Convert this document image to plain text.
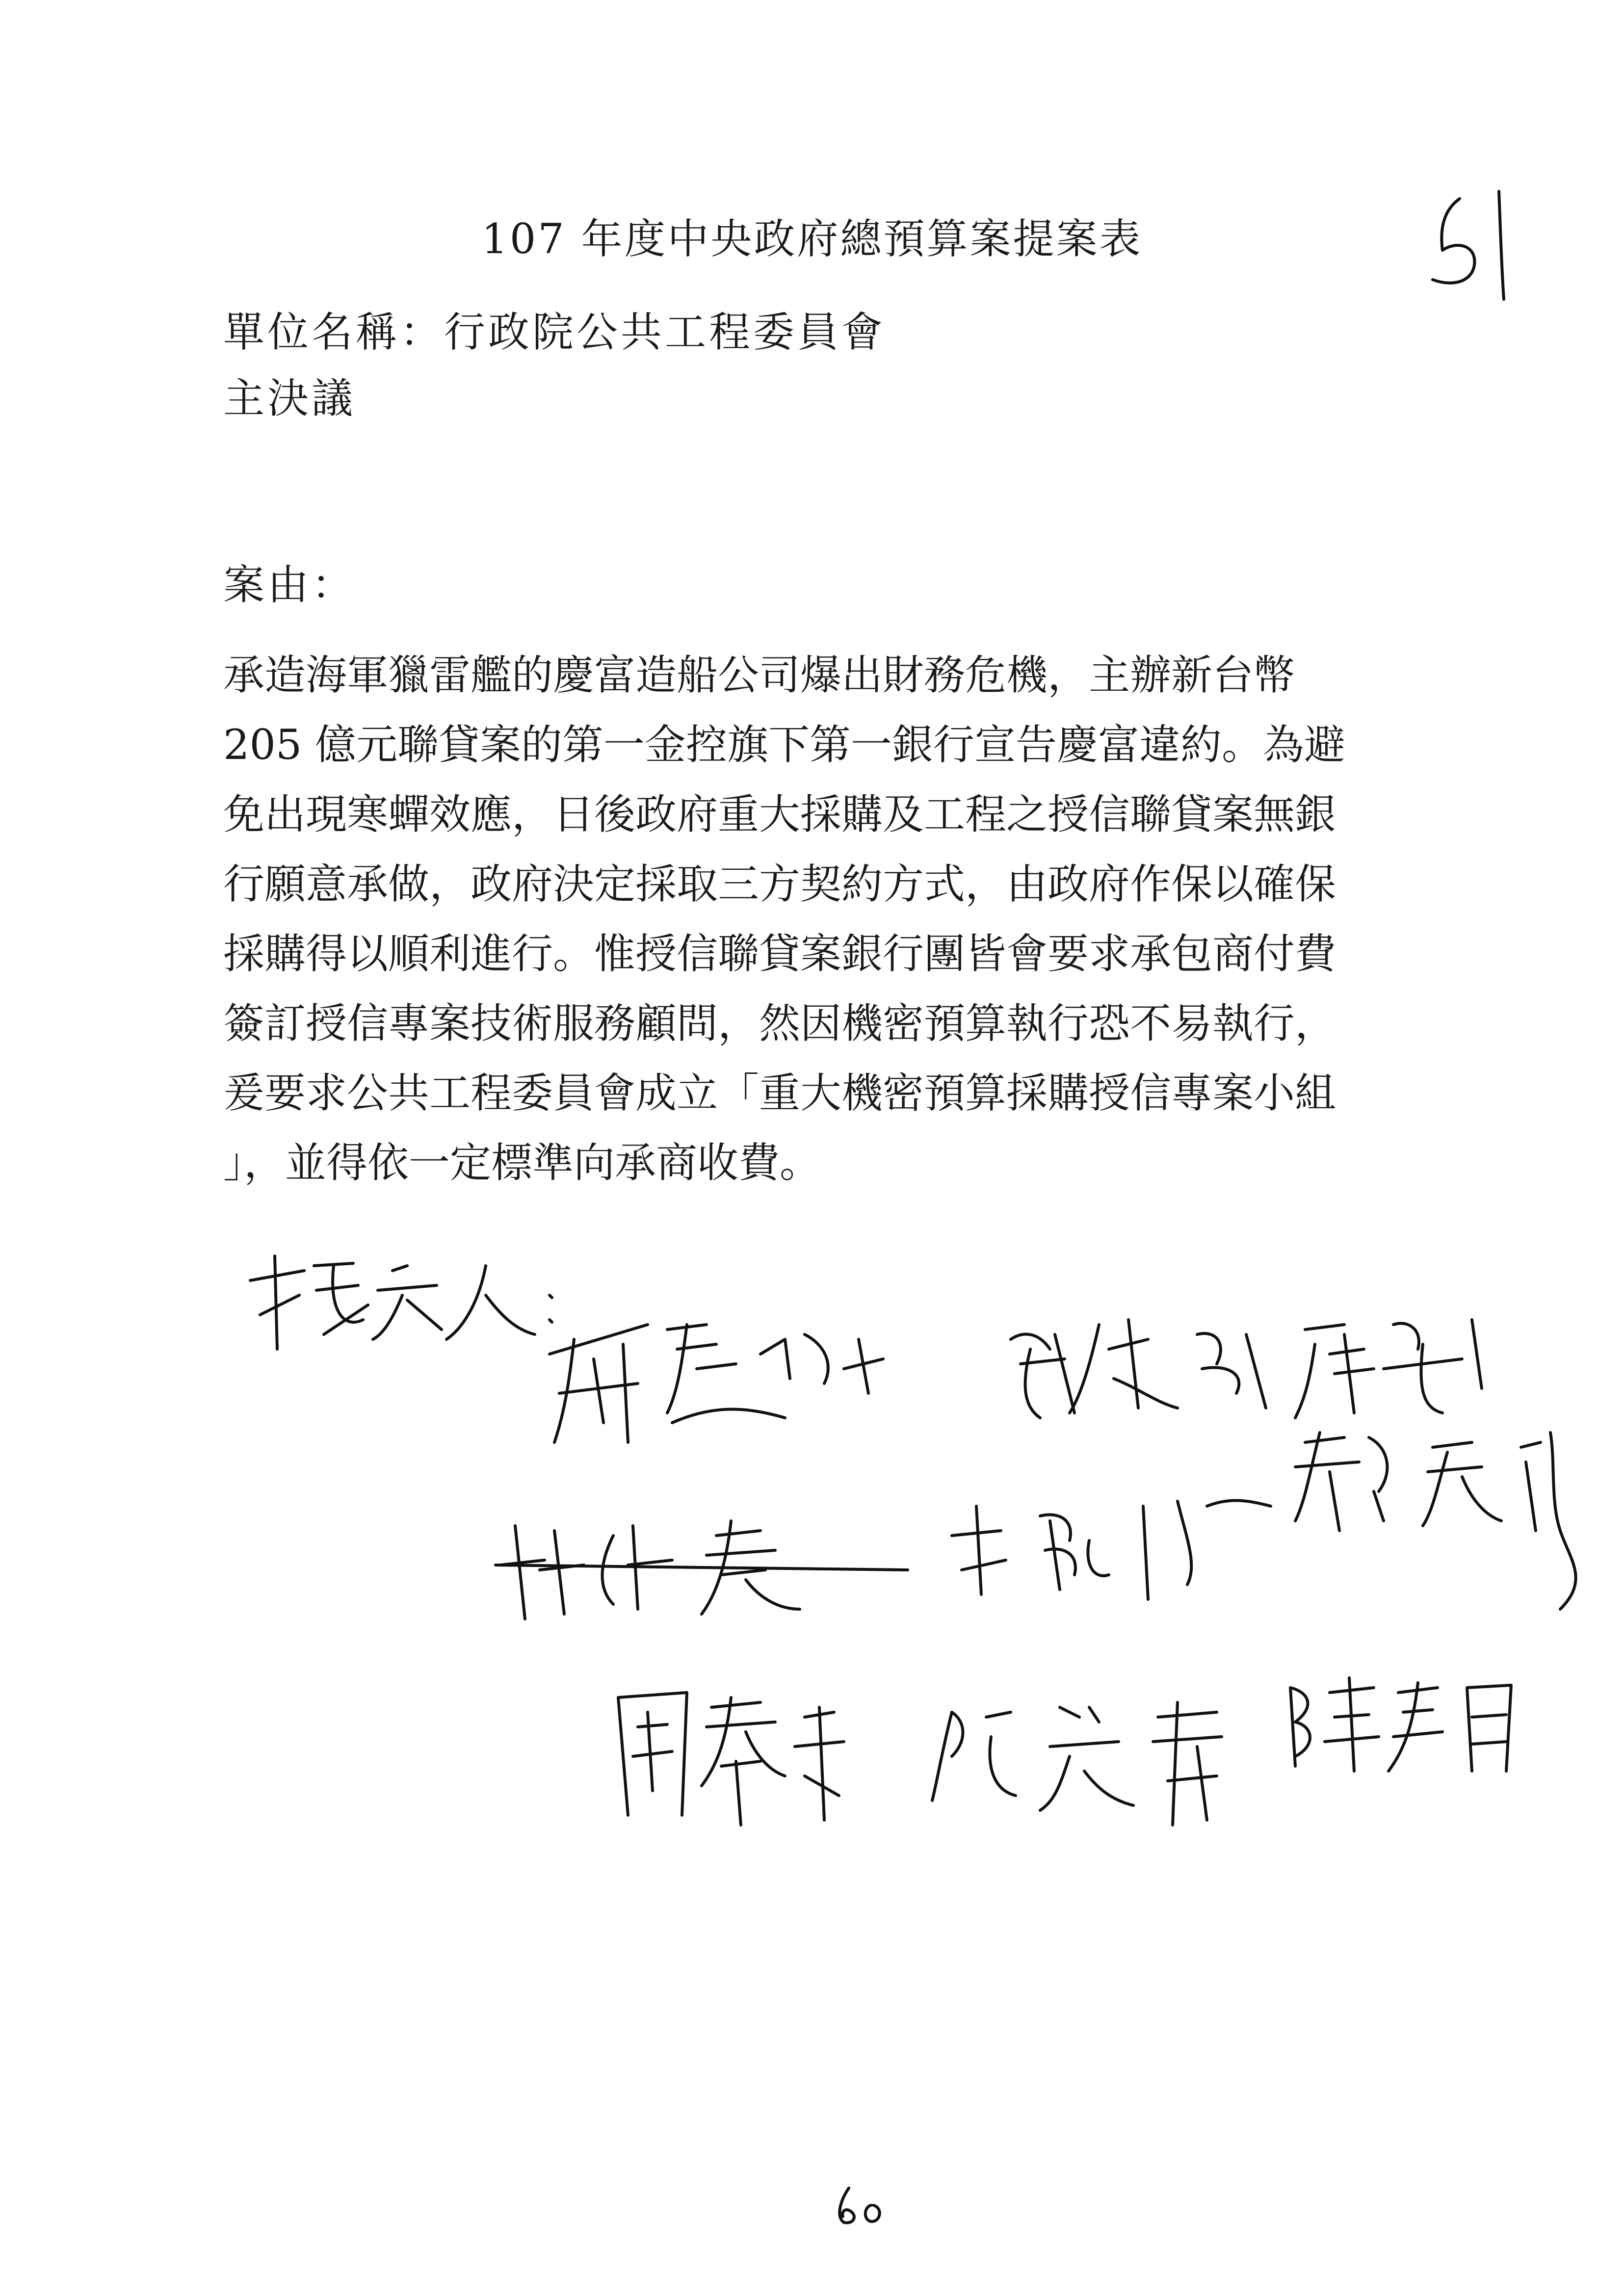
107 年度中央政府總預算案提案表
單位名稱：行政院公共工程委員會
主決議
案由：
承造海軍獵雷艦的慶富造船公司爆出財務危機，主辦新台幣
205 億元聯貸案的第一金控旗下第一銀行宣告慶富違約。為避
免出現寒蟬效應，日後政府重大採購及工程之授信聯貸案無銀
行願意承做，政府決定採取三方契約方式，由政府作保以確保
採購得以順利進行。惟授信聯貸案銀行團皆會要求承包商付費
簽訂授信專案技術服務顧問，然因機密預算執行恐不易執行，
爰要求公共工程委員會成立「重大機密預算採購授信專案小組
」，並得依一定標準向承商收費。
